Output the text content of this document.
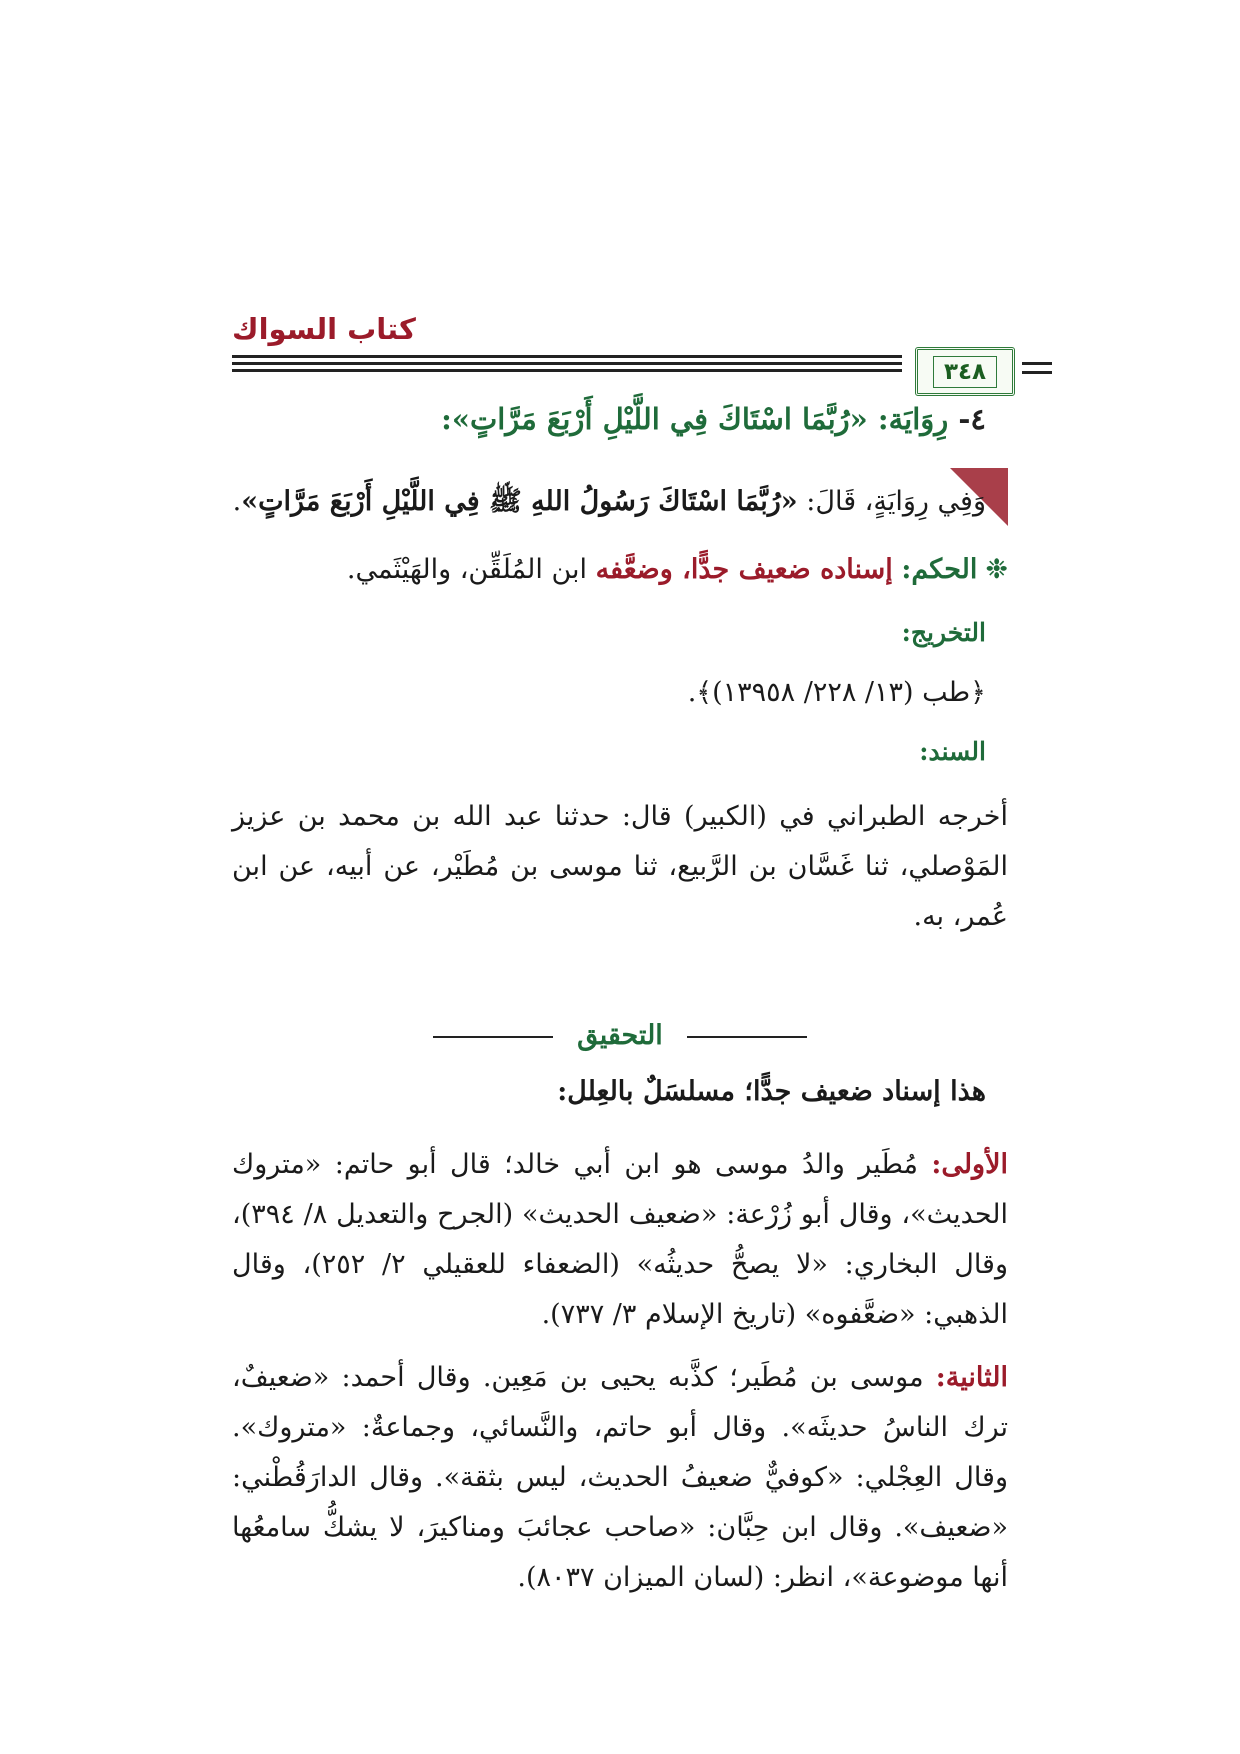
كتاب السواك
٣٤٨
٤- رِوَايَة: «رُبَّمَا اسْتَاكَ فِي اللَّيْلِ أَرْبَعَ مَرَّاتٍ»:
وَفِي رِوَايَةٍ، قَالَ: «رُبَّمَا اسْتَاكَ رَسُولُ اللهِ ﷺ فِي اللَّيْلِ أَرْبَعَ مَرَّاتٍ».
❉الحكم: إسناده ضعيف جدًّا، وضعَّفه ابن المُلَقِّن، والهَيْثَمي.
التخريج:
﴿طب (١٣/ ٢٢٨/ ١٣٩٥٨)﴾.
السند:
أخرجه الطبراني في (الكبير) قال: حدثنا عبد الله بن محمد بن عزيز المَوْصلي، ثنا غَسَّان بن الرَّبيع، ثنا موسى بن مُطَيْر، عن أبيه، عن ابن عُمر، به.
التحقيق
هذا إسناد ضعيف جدًّا؛ مسلسَلٌ بالعِلل:
الأولى: مُطَير والدُ موسى هو ابن أبي خالد؛ قال أبو حاتم: «متروك الحديث»، وقال أبو زُرْعة: «ضعيف الحديث» (الجرح والتعديل ٨/ ٣٩٤)، وقال البخاري: «لا يصحُّ حديثُه» (الضعفاء للعقيلي ٢/ ٢٥٢)، وقال الذهبي: «ضعَّفوه» (تاريخ الإسلام ٣/ ٧٣٧).
الثانية: موسى بن مُطَير؛ كذَّبه يحيى بن مَعِين. وقال أحمد: «ضعيفٌ، ترك الناسُ حديثَه». وقال أبو حاتم، والنَّسائي، وجماعةٌ: «متروك». وقال العِجْلي: «كوفيٌّ ضعيفُ الحديث، ليس بثقة». وقال الدارَقُطْني: «ضعيف». وقال ابن حِبَّان: «صاحب عجائبَ ومناكيرَ، لا يشكُّ سامعُها أنها موضوعة»، انظر: (لسان الميزان ٨٠٣٧).
